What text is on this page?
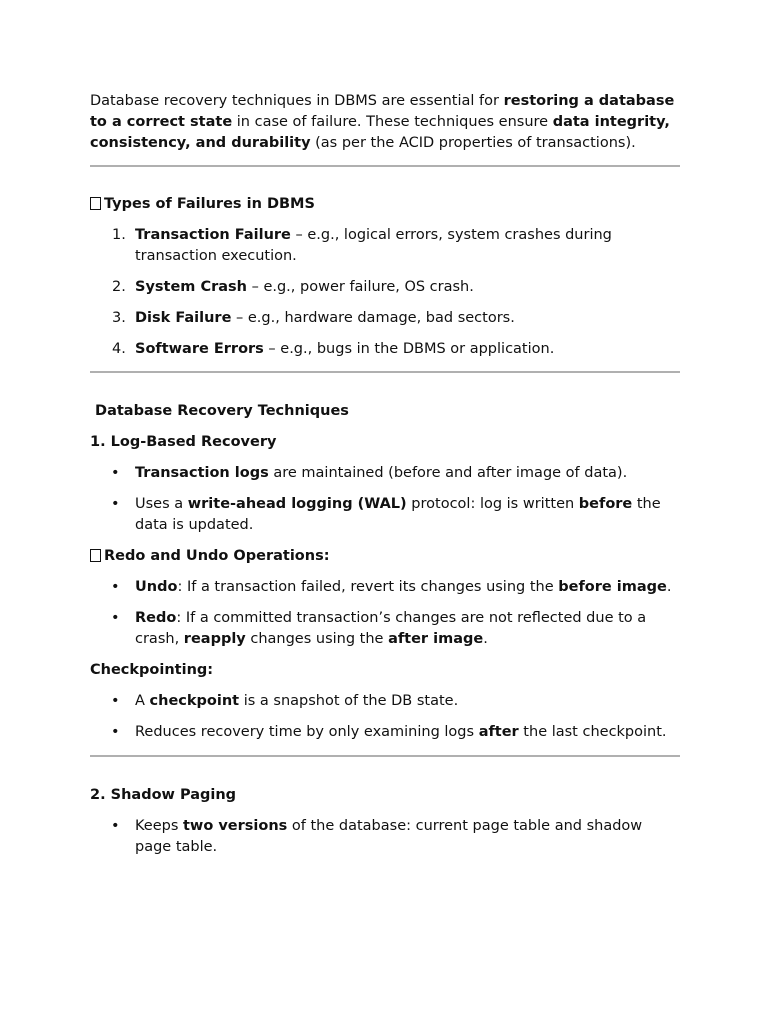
Database recovery techniques in DBMS are essential for restoring a database to a correct state in case of failure. These techniques ensure data integrity, consistency, and durability (as per the ACID properties of transactions).

Types of Failures in DBMS

1. Transaction Failure – e.g., logical errors, system crashes during transaction execution.
2. System Crash – e.g., power failure, OS crash.
3. Disk Failure – e.g., hardware damage, bad sectors.
4. Software Errors – e.g., bugs in the DBMS or application.

Database Recovery Techniques

1. Log-Based Recovery

• Transaction logs are maintained (before and after image of data).
• Uses a write-ahead logging (WAL) protocol: log is written before the data is updated.

Redo and Undo Operations:

• Undo: If a transaction failed, revert its changes using the before image.
• Redo: If a committed transaction’s changes are not reflected due to a crash, reapply changes using the after image.

Checkpointing:

• A checkpoint is a snapshot of the DB state.
• Reduces recovery time by only examining logs after the last checkpoint.

2. Shadow Paging

• Keeps two versions of the database: current page table and shadow page table.
